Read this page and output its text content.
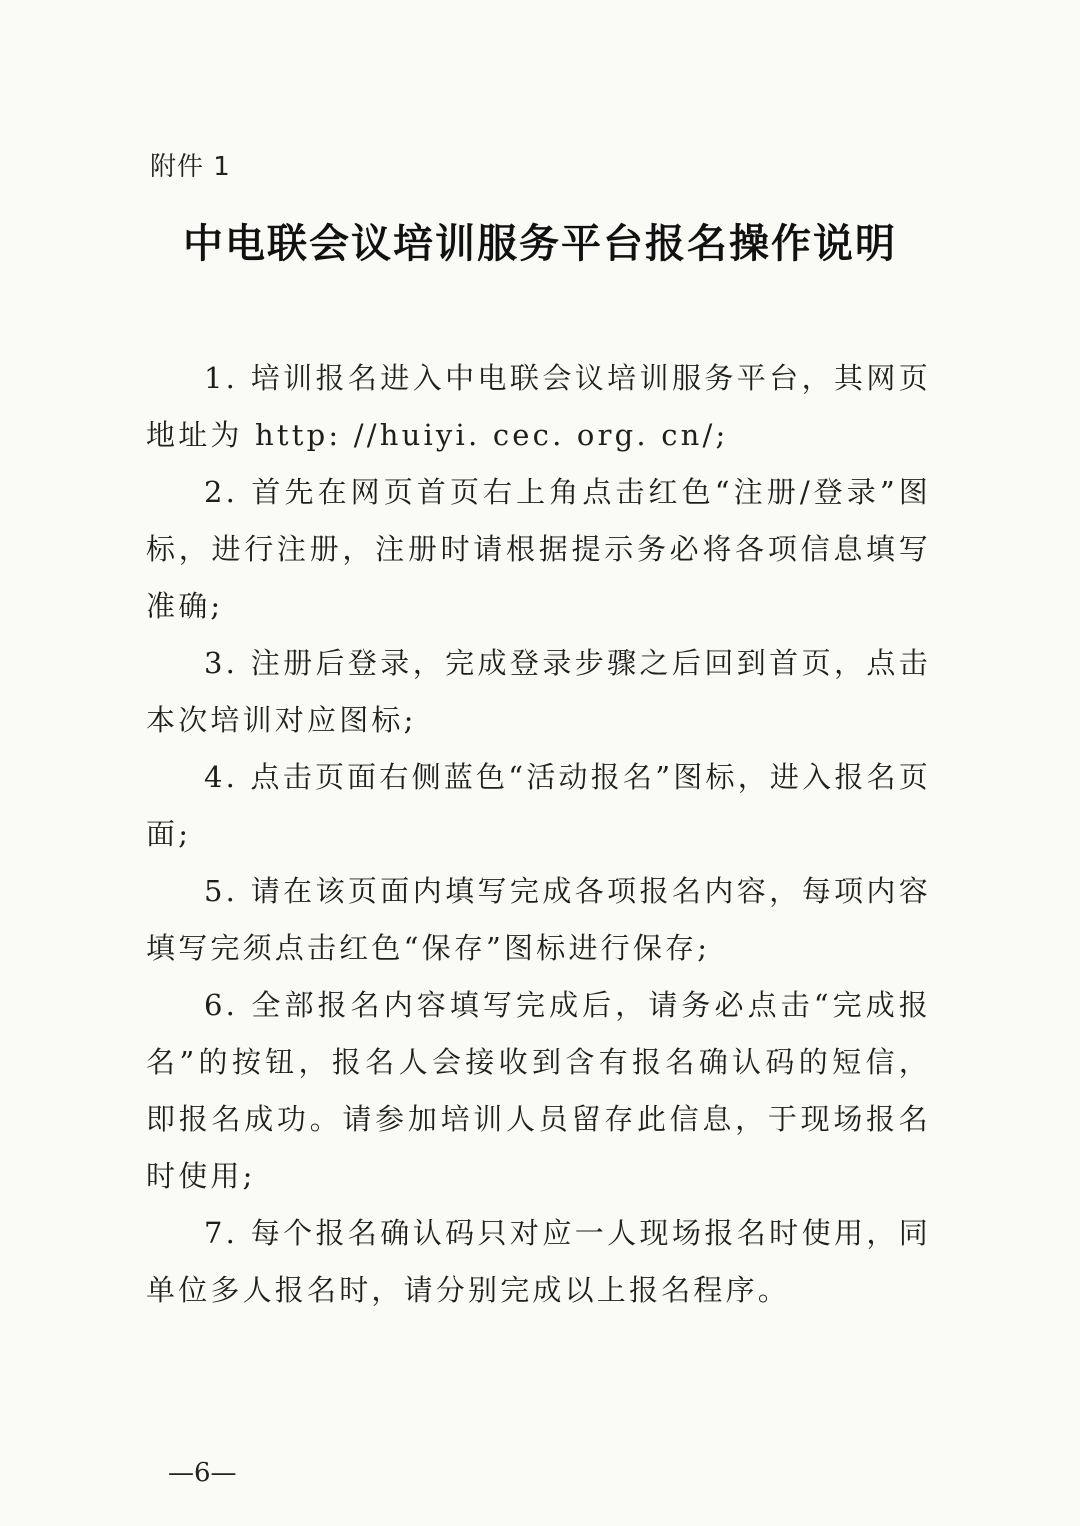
附件 1
中电联会议培训服务平台报名操作说明

1. 培训报名进入中电联会议培训服务平台，其网页地址为 http: //huiyi. cec. org. cn/;

2. 首先在网页首页右上角点击红色“注册/登录”图标，进行注册，注册时请根据提示务必将各项信息填写准确;

3. 注册后登录，完成登录步骤之后回到首页，点击本次培训对应图标;

4. 点击页面右侧蓝色“活动报名”图标，进入报名页面;

5. 请在该页面内填写完成各项报名内容，每项内容填写完须点击红色“保存”图标进行保存;

6. 全部报名内容填写完成后，请务必点击“完成报名”的按钮，报名人会接收到含有报名确认码的短信，即报名成功。请参加培训人员留存此信息，于现场报名时使用;

7. 每个报名确认码只对应一人现场报名时使用，同单位多人报名时，请分别完成以上报名程序。

—6—
